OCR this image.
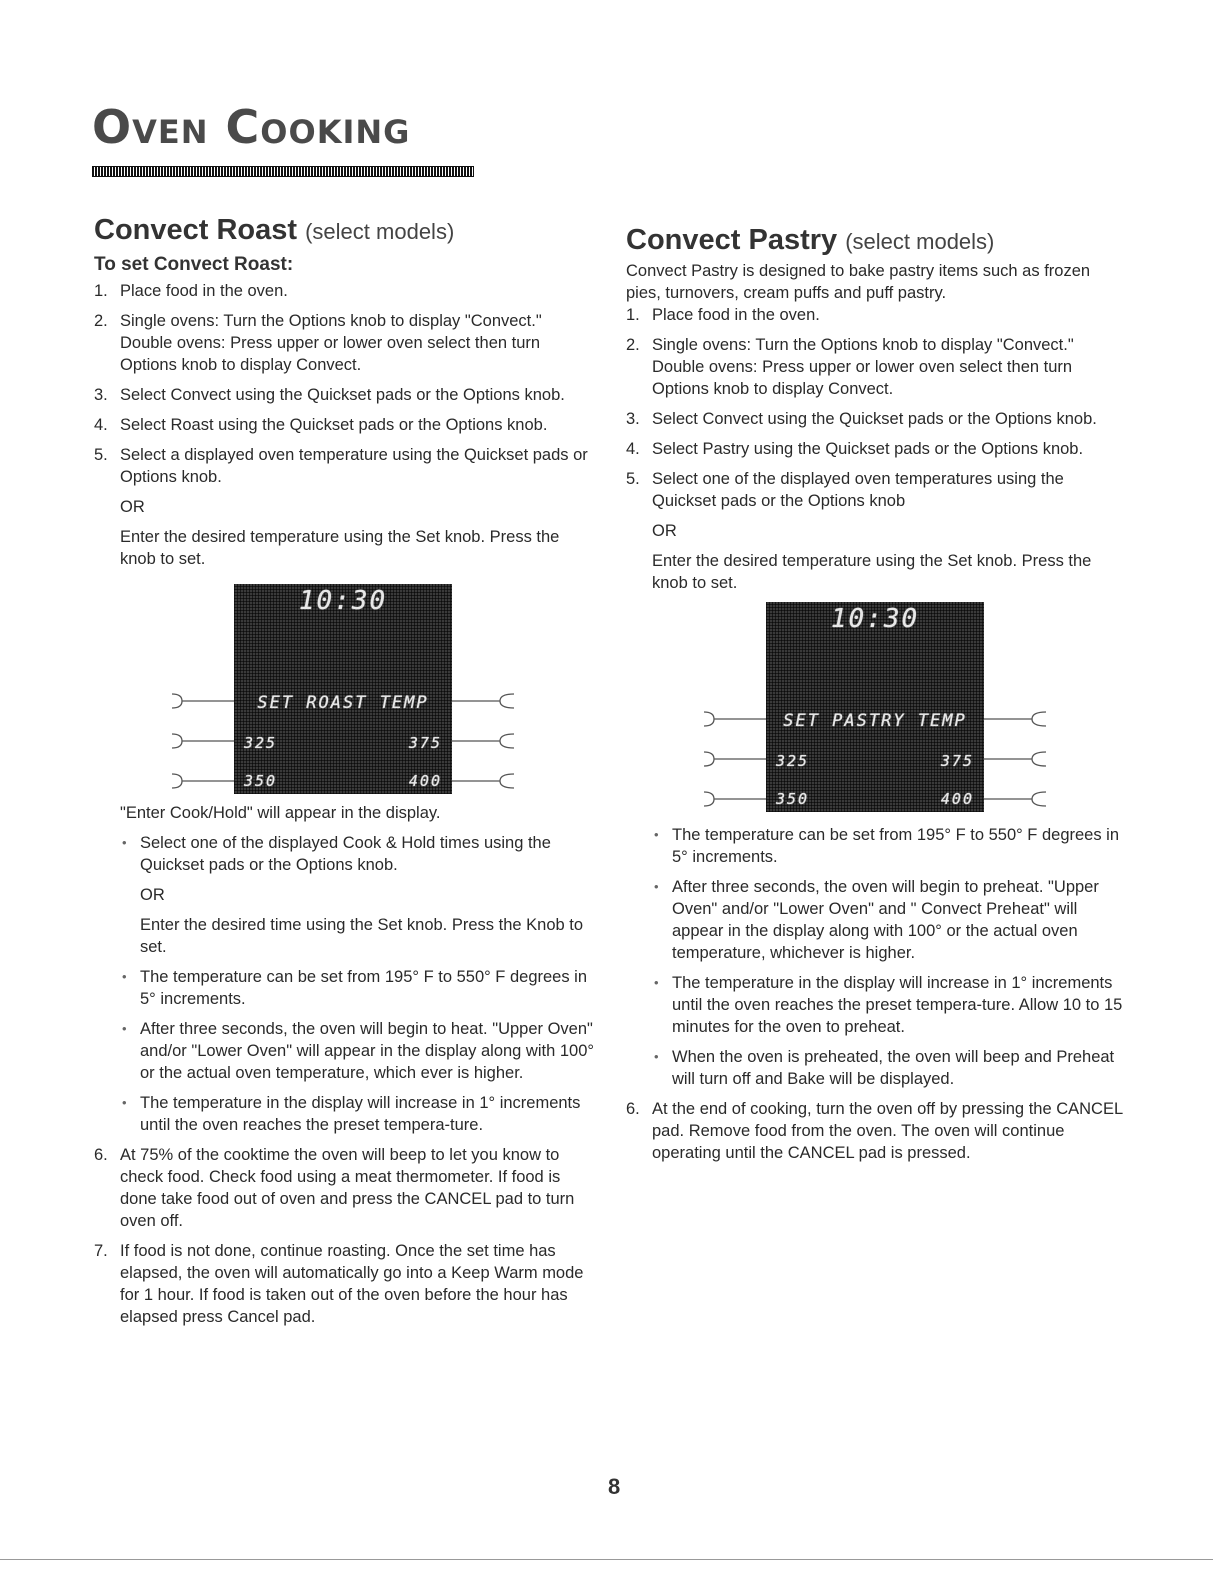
Oven Cooking
Convect Roast (select models)
To set Convect Roast:
1. Place food in the oven.

2. Single ovens: Turn the Options knob to display "Convect." Double ovens: Press upper or lower oven select then turn Options knob to display Convect.

3. Select Convect using the Quickset pads or the Options knob.

4. Select Roast using the Quickset pads or the Options knob.

5. Select a displayed oven temperature using the Quickset pads or Options knob.

OR

Enter the desired temperature using the Set knob. Press the knob to set.

10:30
SET ROAST TEMP
325	375
350	400

"Enter Cook/Hold" will appear in the display.

• Select one of the displayed Cook & Hold times using the Quickset pads or the Options knob.

OR

Enter the desired time using the Set knob. Press the Knob to set.

• The temperature can be set from 195° F to 550° F degrees in 5° increments.

• After three seconds, the oven will begin to heat. "Upper Oven" and/or "Lower Oven" will appear in the display along with 100° or the actual oven temperature, which ever is higher.

• The temperature in the display will increase in 1° increments until the oven reaches the preset tempera-ture.

6. At 75% of the cooktime the oven will beep to let you know to check food. Check food using a meat thermometer. If food is done take food out of oven and press the CANCEL pad to turn oven off.

7. If food is not done, continue roasting. Once the set time has elapsed, the oven will automatically go into a Keep Warm mode for 1 hour. If food is taken out of the oven before the hour has elapsed press Cancel pad.

Convect Pastry (select models)

Convect Pastry is designed to bake pastry items such as frozen pies, turnovers, cream puffs and puff pastry.

1. Place food in the oven.

2. Single ovens: Turn the Options knob to display "Convect." Double ovens: Press upper or lower oven select then turn Options knob to display Convect.

3. Select Convect using the Quickset pads or the Options knob.

4. Select Pastry using the Quickset pads or the Options knob.

5. Select one of the displayed oven temperatures using the Quickset pads or the Options knob

OR

Enter the desired temperature using the Set knob. Press the knob to set.

10:30
SET PASTRY TEMP
325	375
350	400

• The temperature can be set from 195° F to 550° F degrees in 5° increments.

• After three seconds, the oven will begin to preheat. "Upper Oven" and/or "Lower Oven" and " Convect Preheat" will appear in the display along with 100° or the actual oven temperature, whichever is higher.

• The temperature in the display will increase in 1° increments until the oven reaches the preset tempera-ture. Allow 10 to 15 minutes for the oven to preheat.

• When the oven is preheated, the oven will beep and Preheat will turn off and Bake will be displayed.

6. At the end of cooking, turn the oven off by pressing the CANCEL pad. Remove food from the oven. The oven will continue operating until the CANCEL pad is pressed.

8
